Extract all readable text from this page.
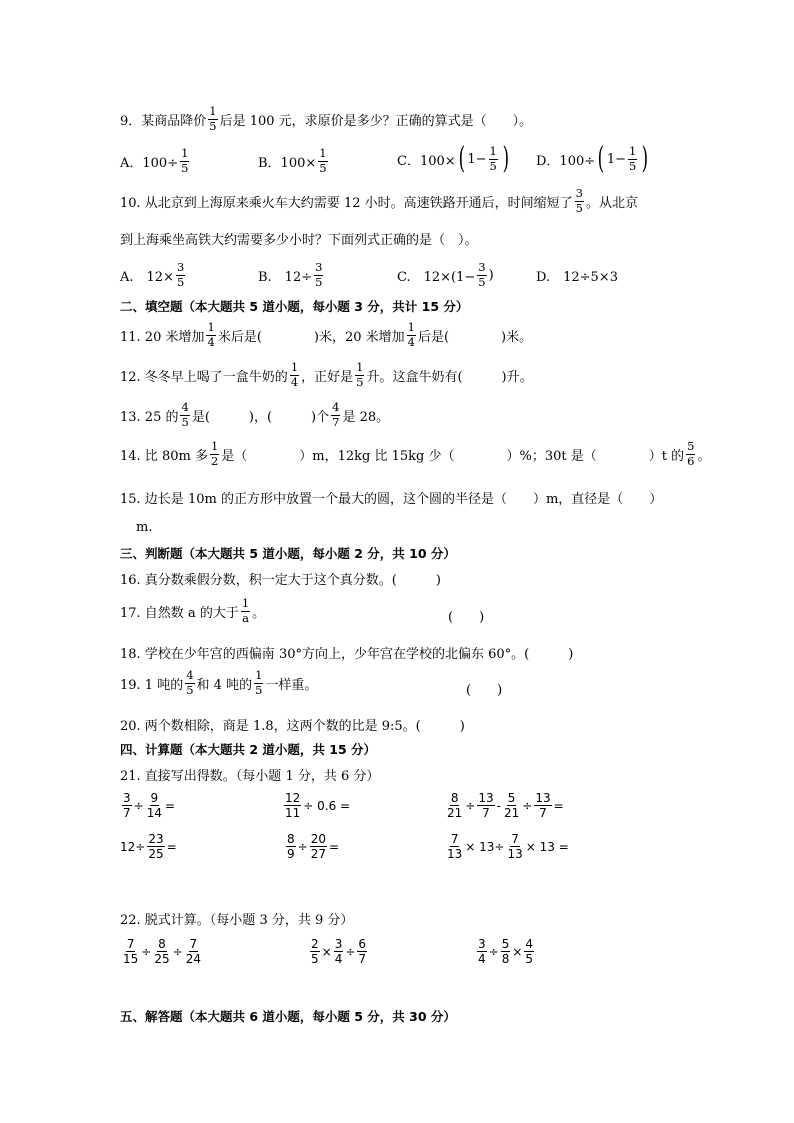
9．某商品降价 $\frac{1}{5}$ 后是 100 元，求原价是多少？正确的算式是（　　）。
A．$100\div \frac{1}{5}$	B．$100\times \frac{1}{5}$	C．100× ( $1- \frac{1}{5}$ ) D．100÷ ( $1- \frac{1}{5}$ )
10. 从北京到上海原来乘火车大约需要 12 小时。高速铁路开通后，时间缩短了 $\frac{3}{5}$ 。从北京
到上海乘坐高铁大约需要多少小时？下面列式正确的是（　）。
A.　$12\times \frac{3}{5}$	B.　$12\div \frac{3}{5}$	C.　$12\times(1- \frac{3}{5}$ )	D.　12÷5×3
二、填空题（本大题共 5 道小题，每小题 3 分，共计 15 分）
11. 20 米增加 $\frac{1}{4}$ 米后是(　　　　)米，20 米增加 $\frac{1}{4}$ 后是(　　　　)米。
12. 冬冬早上喝了一盒牛奶的 $\frac{1}{4}$ ，正好是 $\frac{1}{5}$ 升。这盒牛奶有(　　　)升。
13. 25 的 $\frac{4}{5}$ 是(　　　)，(　　　)个 $\frac{4}{7}$ 是 28。
14. 比 80m 多 $\frac{1}{2}$ 是（　　　　）m，12kg 比 15kg 少（　　　　）%；30t 是（　　　　）t 的 $\frac{5}{6}$ 。
15. 边长是 10m 的正方形中放置一个最大的圆，这个圆的半径是（　　）m，直径是（　　）
m.
三、判断题（本大题共 5 道小题，每小题 2 分，共 10 分）
16. 真分数乘假分数，积一定大于这个真分数。(　　　)
17. 自然数 a 的大于 $\frac{1}{a}$ 。	(　　)
18. 学校在少年宫的西偏南 30°方向上，少年宫在学校的北偏东 60°。(　　　)
19. 1 吨的 $\frac{4}{5}$ 和 4 吨的 $\frac{1}{5}$ 一样重。	(　　)
20. 两个数相除，商是 1.8，这两个数的比是 9:5。(　　　)
四、计算题（本大题共 2 道小题，共 15 分）
21. 直接写出得数。（每小题 1 分，共 6 分）
$\frac{3}{7} \div \frac{9}{14}$ =	$\frac{12}{11} \div 0.6$ =	$\frac{8}{21} \div \frac{13}{7} - \frac{5}{21} \div \frac{13}{7}$ =
$12\div \frac{23}{25}$ =	$\frac{8}{9} \div \frac{20}{27}$ =	$\frac{7}{13} \times 13\div \frac{7}{13} \times 13$ =
22. 脱式计算。（每小题 3 分，共 9 分）
$\frac{7}{15} \div \frac{8}{25} \div \frac{7}{24}$	$\frac{2}{5} \times \frac{3}{4} \div \frac{6}{7}$	$\frac{3}{4} \div \frac{5}{8} \times \frac{4}{5}$
五、解答题（本大题共 6 道小题，每小题 5 分，共 30 分）
